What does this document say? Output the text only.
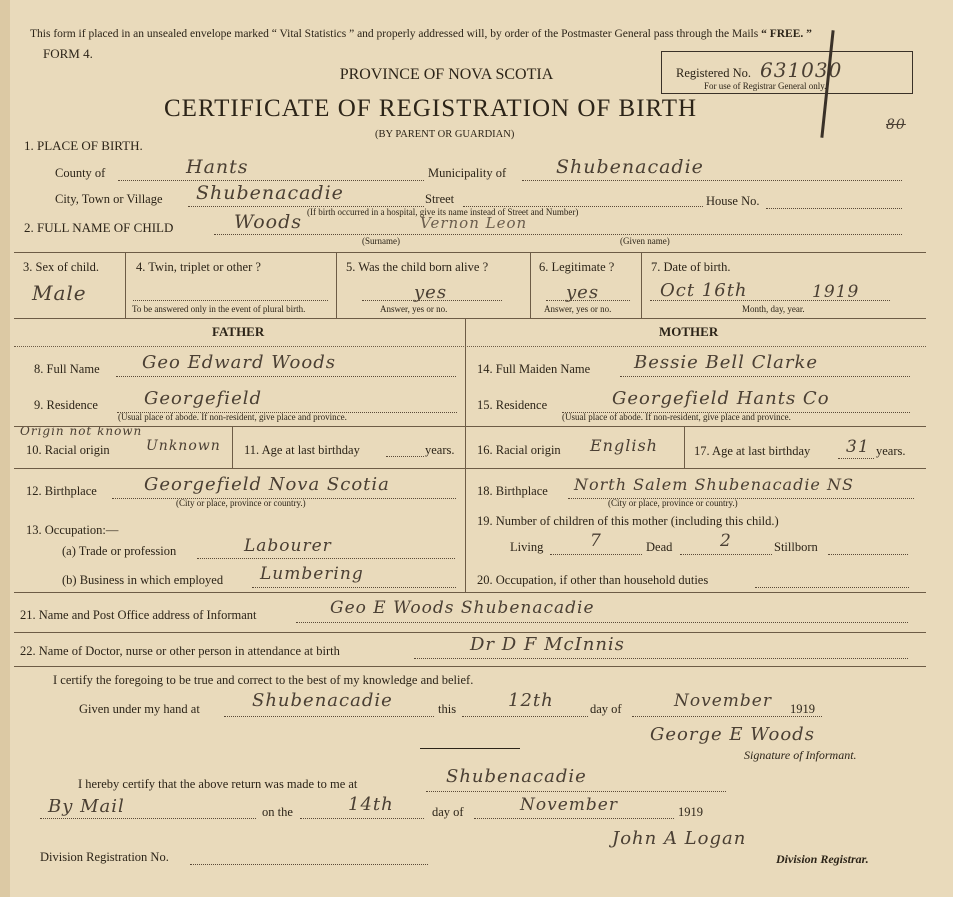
This form if placed in an unsealed envelope marked “ Vital Statistics ” and properly addressed will, by order of the Postmaster General pass through the Mails “ FREE. ”
FORM 4.
Registered No. 631030
For use of Registrar General only.
80
PROVINCE OF NOVA SCOTIA
CERTIFICATE OF REGISTRATION OF BIRTH
(BY PARENT OR GUARDIAN)
1. PLACE OF BIRTH.
County of	Hants	Municipality of	Shubenacadie
City, Town or Village Shubenacadie	Street	House No.
(If birth occurred in a hospital, give its name instead of Street and Number)
2. FULL NAME OF CHILD	Woods	Vernon Leon
(Surname)	(Given name)
3. Sex of child.
Male
4. Twin, triplet or other ?
To be answered only in the event of plural birth.
5. Was the child born alive ?
yes
Answer, yes or no.
6. Legitimate ?
yes
Answer, yes or no.
7. Date of birth.
Oct 16th	1919
Month, day, year.
FATHER	MOTHER
8. Full Name Geo Edward Woods
9. Residence	Georgefield
(Usual place of abode. If non-resident, give place and province.
Origin not known
10. Racial origin	Unknown 11. Age at last birthday	years.
12. Birthplace	Georgefield Nova Scotia
(City or place, province or country.)
13. Occupation:—
(a) Trade or profession	Labourer
(b) Business in which employed Lumbering
14. Full Maiden Name Bessie Bell Clarke
15. Residence	Georgefield Hants Co
(Usual place of abode. If non-resident, give place and province.
16. Racial origin English	17. Age at last birthday 31 years.
18. Birthplace North Salem Shubenacadie NS
(City or place, province or country.)
19. Number of children of this mother (including this child.)
Living	7	Dead	2	Stillborn
20. Occupation, if other than household duties
21. Name and Post Office address of Informant	Geo E Woods Shubenacadie
22. Name of Doctor, nurse or other person in attendance at birth	Dr D F McInnis
I certify the foregoing to be true and correct to the best of my knowledge and belief.
Given under my hand at	Shubenacadie	this	12th	day of	November 1919
George E Woods
Signature of Informant.
I hereby certify that the above return was made to me at	Shubenacadie
By Mail	on the	14th	day of	November	1919
Division Registration No.
John A Logan
Division Registrar.
